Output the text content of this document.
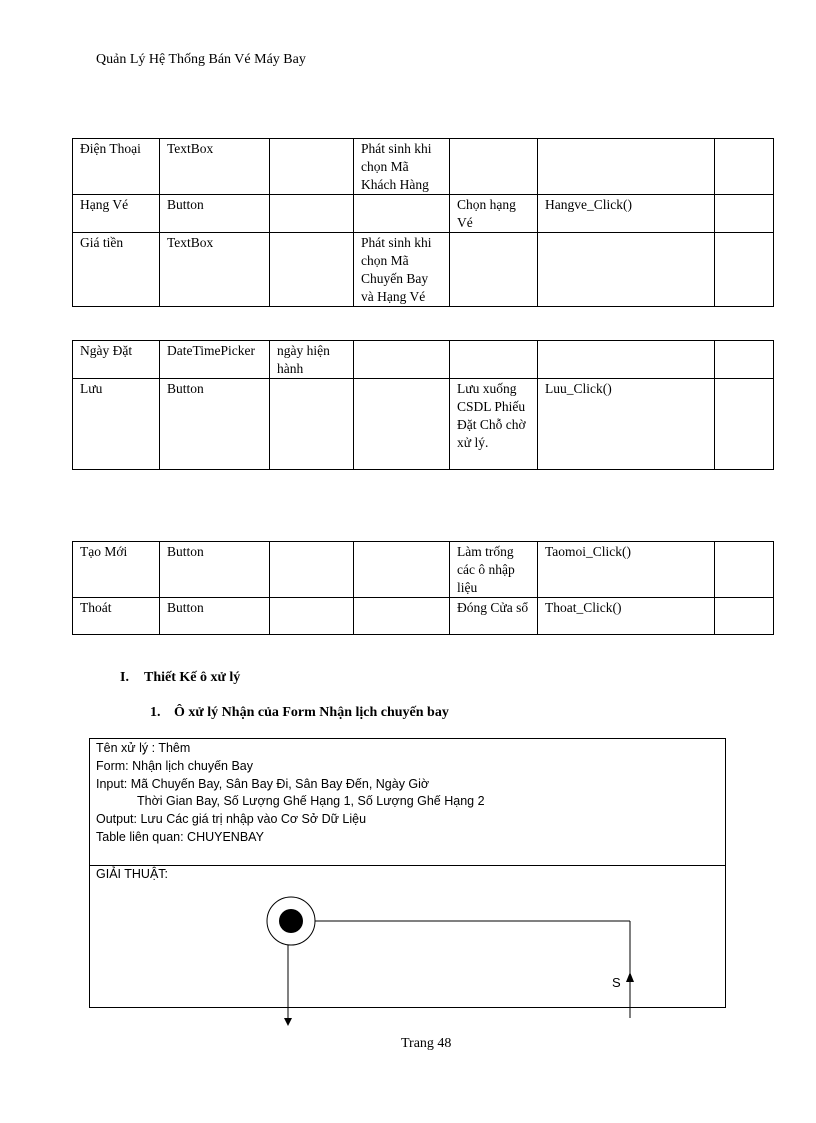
Quản Lý Hệ Thống Bán Vé Máy Bay
Điện Thoại	TextBox		Phát sinh khi chọn Mã Khách Hàng			
Hạng Vé	Button			Chọn hạng Vé	Hangve_Click()	
Giá tiền	TextBox		Phát sinh khi chọn Mã Chuyến Bay và Hạng Vé			
Ngày Đặt	DateTimePicker	ngày hiện hành				
Lưu	Button			Lưu xuống CSDL Phiếu Đặt Chỗ chờ xử lý.	Luu_Click()	
Tạo Mới	Button			Làm trống các ô nhập liệu	Taomoi_Click()	
Thoát	Button			Đóng Cửa sổ	Thoat_Click()	
I. Thiết Kế ô xử lý
1. Ô xử lý Nhận của Form Nhận lịch chuyến bay
Tên xử lý : Thêm
Form: Nhận lịch chuyến Bay
Input: Mã Chuyến Bay, Sân Bay Đi, Sân Bay Đến, Ngày Giờ
Thời Gian Bay, Số Lượng Ghế Hạng 1, Số Lượng Ghế Hạng 2
Output: Lưu Các giá trị nhập vào Cơ Sở Dữ Liệu
Table liên quan: CHUYENBAY
GIẢI THUẬT:
S
Trang 48
